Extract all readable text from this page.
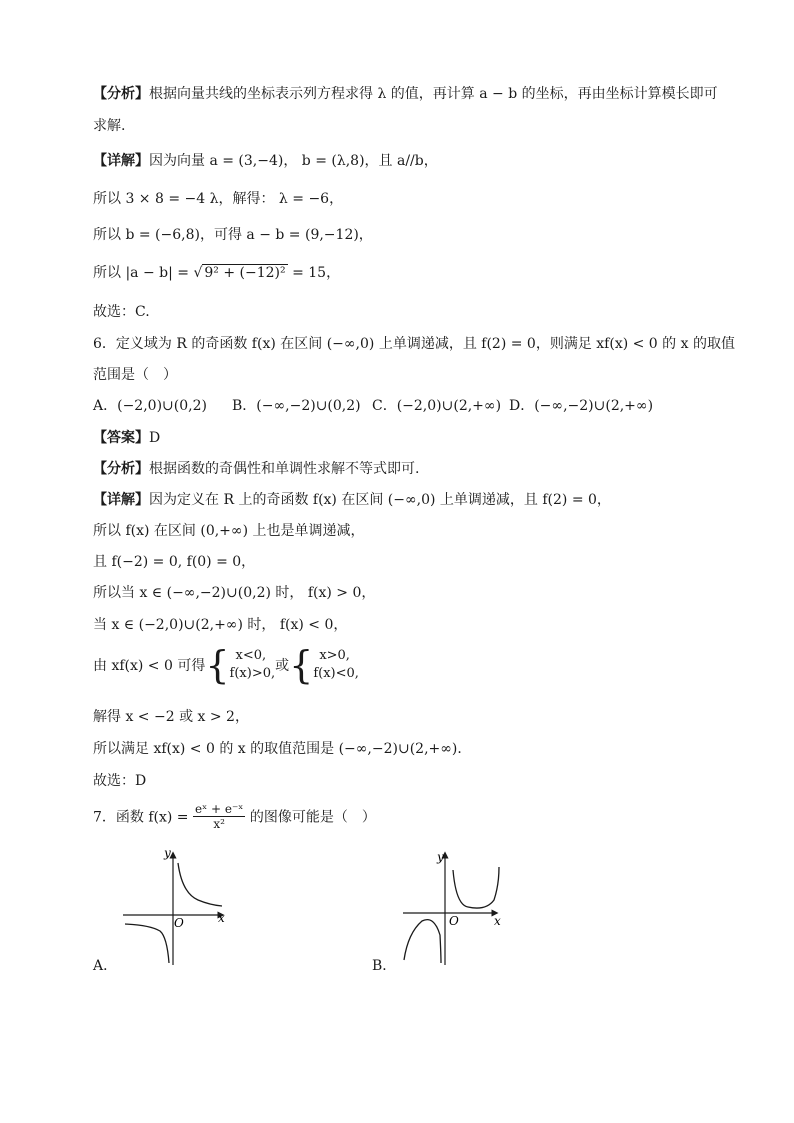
【分析】根据向量共线的坐标表示列方程求得 λ 的值，再计算 a − b 的坐标，再由坐标计算模长即可
求解.
【详解】因为向量 a = (3,−4)， b = (λ,8)，且 a//b，
所以 3 × 8 = −4 λ，解得： λ = −6，
所以 b = (−6,8)，可得 a − b = (9,−12)，
所以 |a − b| = √ 9² + (−12)² = 15，
故选：C.
6．定义域为 R 的奇函数 f(x) 在区间 (−∞,0) 上单调递减，且 f(2) = 0，则满足 xf(x) < 0 的 x 的取值
范围是（　）
A．(−2,0)∪(0,2) B．(−∞,−2)∪(0,2) C．(−2,0)∪(2,+∞) D．(−∞,−2)∪(2,+∞)
【答案】D
【分析】根据函数的奇偶性和单调性求解不等式即可.
【详解】因为定义在 R 上的奇函数 f(x) 在区间 (−∞,0) 上单调递减，且 f(2) = 0，
所以 f(x) 在区间 (0,+∞) 上也是单调递减，
且 f(−2) = 0, f(0) = 0，
所以当 x ∈ (−∞,−2)∪(0,2) 时， f(x) > 0，
当 x ∈ (−2,0)∪(2,+∞) 时， f(x) < 0，
由 xf(x) < 0 可得{ x<0,
f(x)>0, 或{ x>0,
f(x)<0,
解得 x < −2 或 x > 2，
所以满足 xf(x) < 0 的 x 的取值范围是 (−∞,−2)∪(2,+∞)．
故选：D
7．函数 $f(x) = \frac{\text{eˣ + e⁻ˣ}}{\text{x²}}$ 的图像可能是（　）
y
x
O
A．
y
x
O
B．
